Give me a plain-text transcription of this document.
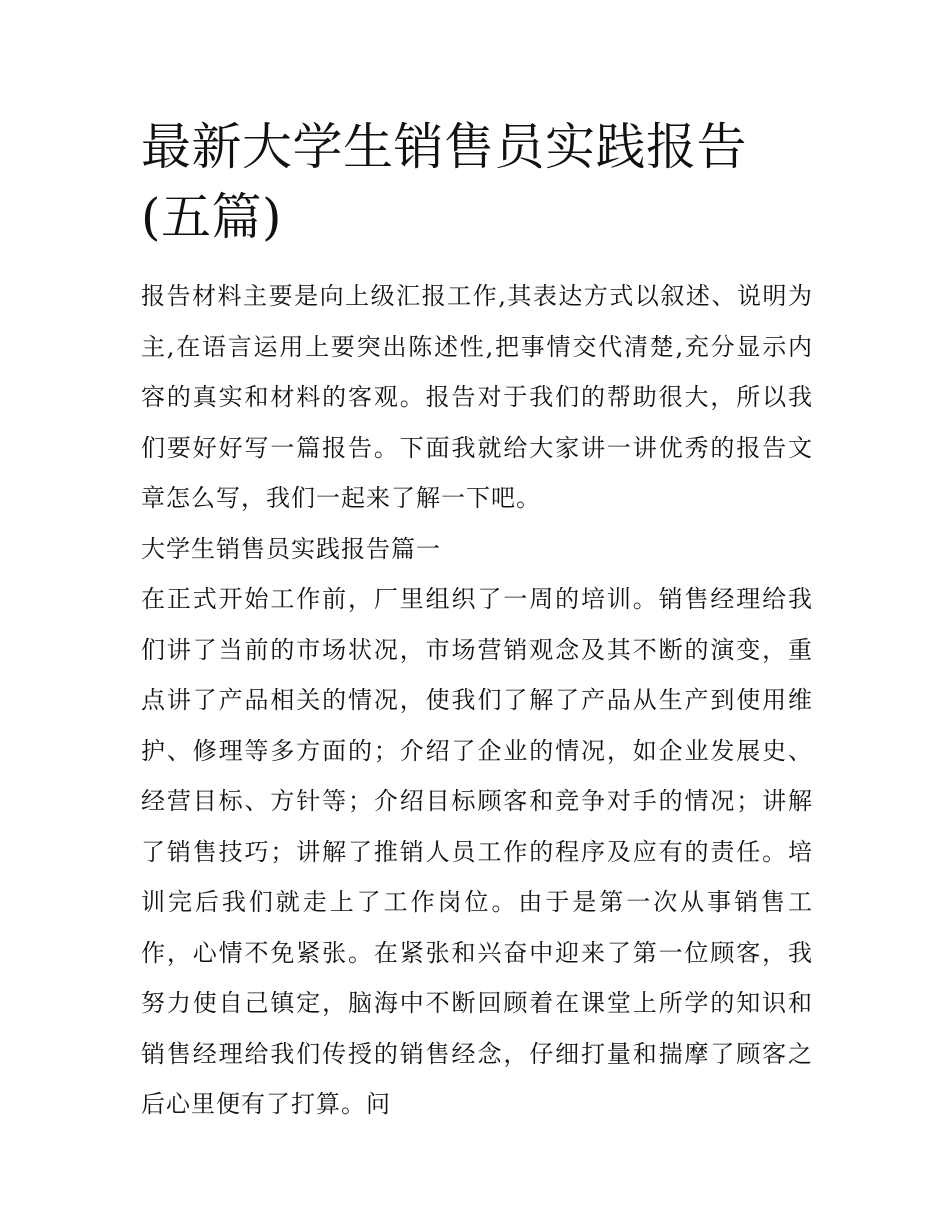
最新大学生销售员实践报告(五篇)

报告材料主要是向上级汇报工作,其表达方式以叙述、说明为主,在语言运用上要突出陈述性,把事情交代清楚,充分显示内容的真实和材料的客观。报告对于我们的帮助很大，所以我们要好好写一篇报告。下面我就给大家讲一讲优秀的报告文章怎么写，我们一起来了解一下吧。

大学生销售员实践报告篇一

在正式开始工作前，厂里组织了一周的培训。销售经理给我们讲了当前的市场状况，市场营销观念及其不断的演变，重点讲了产品相关的情况，使我们了解了产品从生产到使用维护、修理等多方面的；介绍了企业的情况，如企业发展史、经营目标、方针等；介绍目标顾客和竞争对手的情况；讲解了销售技巧；讲解了推销人员工作的程序及应有的责任。培训完后我们就走上了工作岗位。由于是第一次从事销售工作，心情不免紧张。在紧张和兴奋中迎来了第一位顾客，我努力使自己镇定，脑海中不断回顾着在课堂上所学的知识和销售经理给我们传授的销售经念，仔细打量和揣摩了顾客之后心里便有了打算。问
